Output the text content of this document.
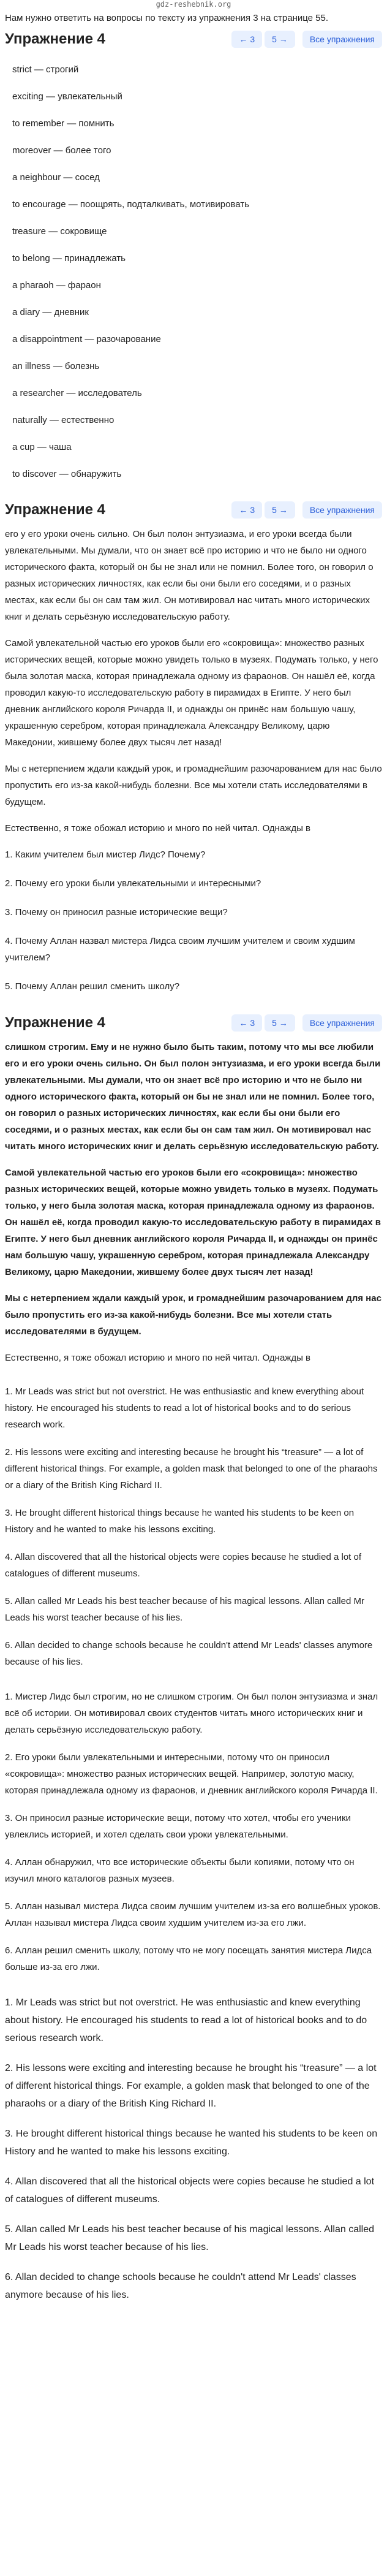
gdz-reshebnik.org
Нам нужно ответить на вопросы по тексту из упражнения 3 на странице 55.
Упражнение 4	← 3	5 →	Все упражнения
strict — строгий
exciting — увлекательный
to remember — помнить
moreover — более того
a neighbour — сосед
to encourage — поощрять, подталкивать, мотивировать
treasure — сокровище
to belong — принадлежать
a pharaoh — фараон
a diary — дневник
a disappointment — разочарование
an illness — болезнь
a researcher — исследователь
naturally — естественно
a cup — чаша
to discover — обнаружить
Упражнение 4	← 3	5 →	Все упражнения

его у его уроки очень сильно. Он был полон энтузиазма, и его уроки всегда были увлекательными. Мы думали, что он знает всё про историю и что не было ни одного исторического факта, который он бы не знал или не помнил. Более того, он говорил о разных исторических личностях, как если бы они были его соседями, и о разных местах, как если бы он сам там жил. Он мотивировал нас читать много исторических книг и делать серьёзную исследовательскую работу.

Самой увлекательной частью его уроков были его «сокровища»: множество разных исторических вещей, которые можно увидеть только в музеях. Подумать только, у него была золотая маска, которая принадлежала одному из фараонов. Он нашёл её, когда проводил какую-то исследовательскую работу в пирамидах в Египте. У него был дневник английского короля Ричарда II, и однажды он принёс нам большую чашу, украшенную серебром, которая принадлежала Александру Великому, царю Македонии, жившему более двух тысяч лет назад!

Мы с нетерпением ждали каждый урок, и громаднейшим разочарованием для нас было пропустить его из-за какой-нибудь болезни. Все мы хотели стать исследователями в будущем.

Естественно, я тоже обожал историю и много по ней читал. Однажды в

1. Каким учителем был мистер Лидс? Почему?
2. Почему его уроки были увлекательными и интересными?
3. Почему он приносил разные исторические вещи?
4. Почему Аллан назвал мистера Лидса своим лучшим учителем и своим худшим учителем?
5. Почему Аллан решил сменить школу?
Упражнение 4	← 3	5 →	Все упражнения

слишком строгим. Ему и не нужно было быть таким, потому что мы все любили его и его уроки очень сильно. Он был полон энтузиазма, и его уроки всегда были увлекательными. Мы думали, что он знает всё про историю и что не было ни одного исторического факта, который он бы не знал или не помнил. Более того, он говорил о разных исторических личностях, как если бы они были его соседями, и о разных местах, как если бы он сам там жил. Он мотивировал нас читать много исторических книг и делать серьёзную исследовательскую работу.

Самой увлекательной частью его уроков были его «сокровища»: множество разных исторических вещей, которые можно увидеть только в музеях. Подумать только, у него была золотая маска, которая принадлежала одному из фараонов. Он нашёл её, когда проводил какую-то исследовательскую работу в пирамидах в Египте. У него был дневник английского короля Ричарда II, и однажды он принёс нам большую чашу, украшенную серебром, которая принадлежала Александру Великому, царю Македонии, жившему более двух тысяч лет назад!

Мы с нетерпением ждали каждый урок, и громаднейшим разочарованием для нас было пропустить его из-за какой-нибудь болезни. Все мы хотели стать исследователями в будущем.

Естественно, я тоже обожал историю и много по ней читал. Однажды в

1. Mr Leads was strict but not overstrict. He was enthusiastic and knew everything about history. He encouraged his students to read a lot of historical books and to do serious research work.

2. His lessons were exciting and interesting because he brought his “treasure” — a lot of different historical things. For example, a golden mask that belonged to one of the pharaohs or a diary of the British King Richard II.

3. He brought different historical things because he wanted his students to be keen on History and he wanted to make his lessons exciting.

4. Allan discovered that all the historical objects were copies because he studied a lot of catalogues of different museums.

5. Allan called Mr Leads his best teacher because of his magical lessons. Allan called Mr Leads his worst teacher because of his lies.

6. Allan decided to change schools because he couldn't attend Mr Leads' classes anymore because of his lies.

1. Мистер Лидс был строгим, но не слишком строгим. Он был полон энтузиазма и знал всё об истории. Он мотивировал своих студентов читать много исторических книг и делать серьёзную исследовательскую работу.

2. Его уроки были увлекательными и интересными, потому что он приносил «сокровища»: множество разных исторических вещей. Например, золотую маску, которая принадлежала одному из фараонов, и дневник английского короля Ричарда II.

3. Он приносил разные исторические вещи, потому что хотел, чтобы его ученики увлеклись историей, и хотел сделать свои уроки увлекательными.

4. Аллан обнаружил, что все исторические объекты были копиями, потому что он изучил много каталогов разных музеев.

5. Аллан называл мистера Лидса своим лучшим учителем из-за его волшебных уроков. Аллан называл мистера Лидса своим худшим учителем из-за его лжи.

6. Аллан решил сменить школу, потому что не могу посещать занятия мистера Лидса больше из-за его лжи.

1. Mr Leads was strict but not overstrict. He was enthusiastic and knew everything about history. He encouraged his students to read a lot of historical books and to do serious research work.

2. His lessons were exciting and interesting because he brought his “treasure” — a lot of different historical things. For example, a golden mask that belonged to one of the pharaohs or a diary of the British King Richard II.

3. He brought different historical things because he wanted his students to be keen on History and he wanted to make his lessons exciting.

4. Allan discovered that all the historical objects were copies because he studied a lot of catalogues of different museums.

5. Allan called Mr Leads his best teacher because of his magical lessons. Allan called Mr Leads his worst teacher because of his lies.

6. Allan decided to change schools because he couldn't attend Mr Leads' classes anymore because of his lies.
